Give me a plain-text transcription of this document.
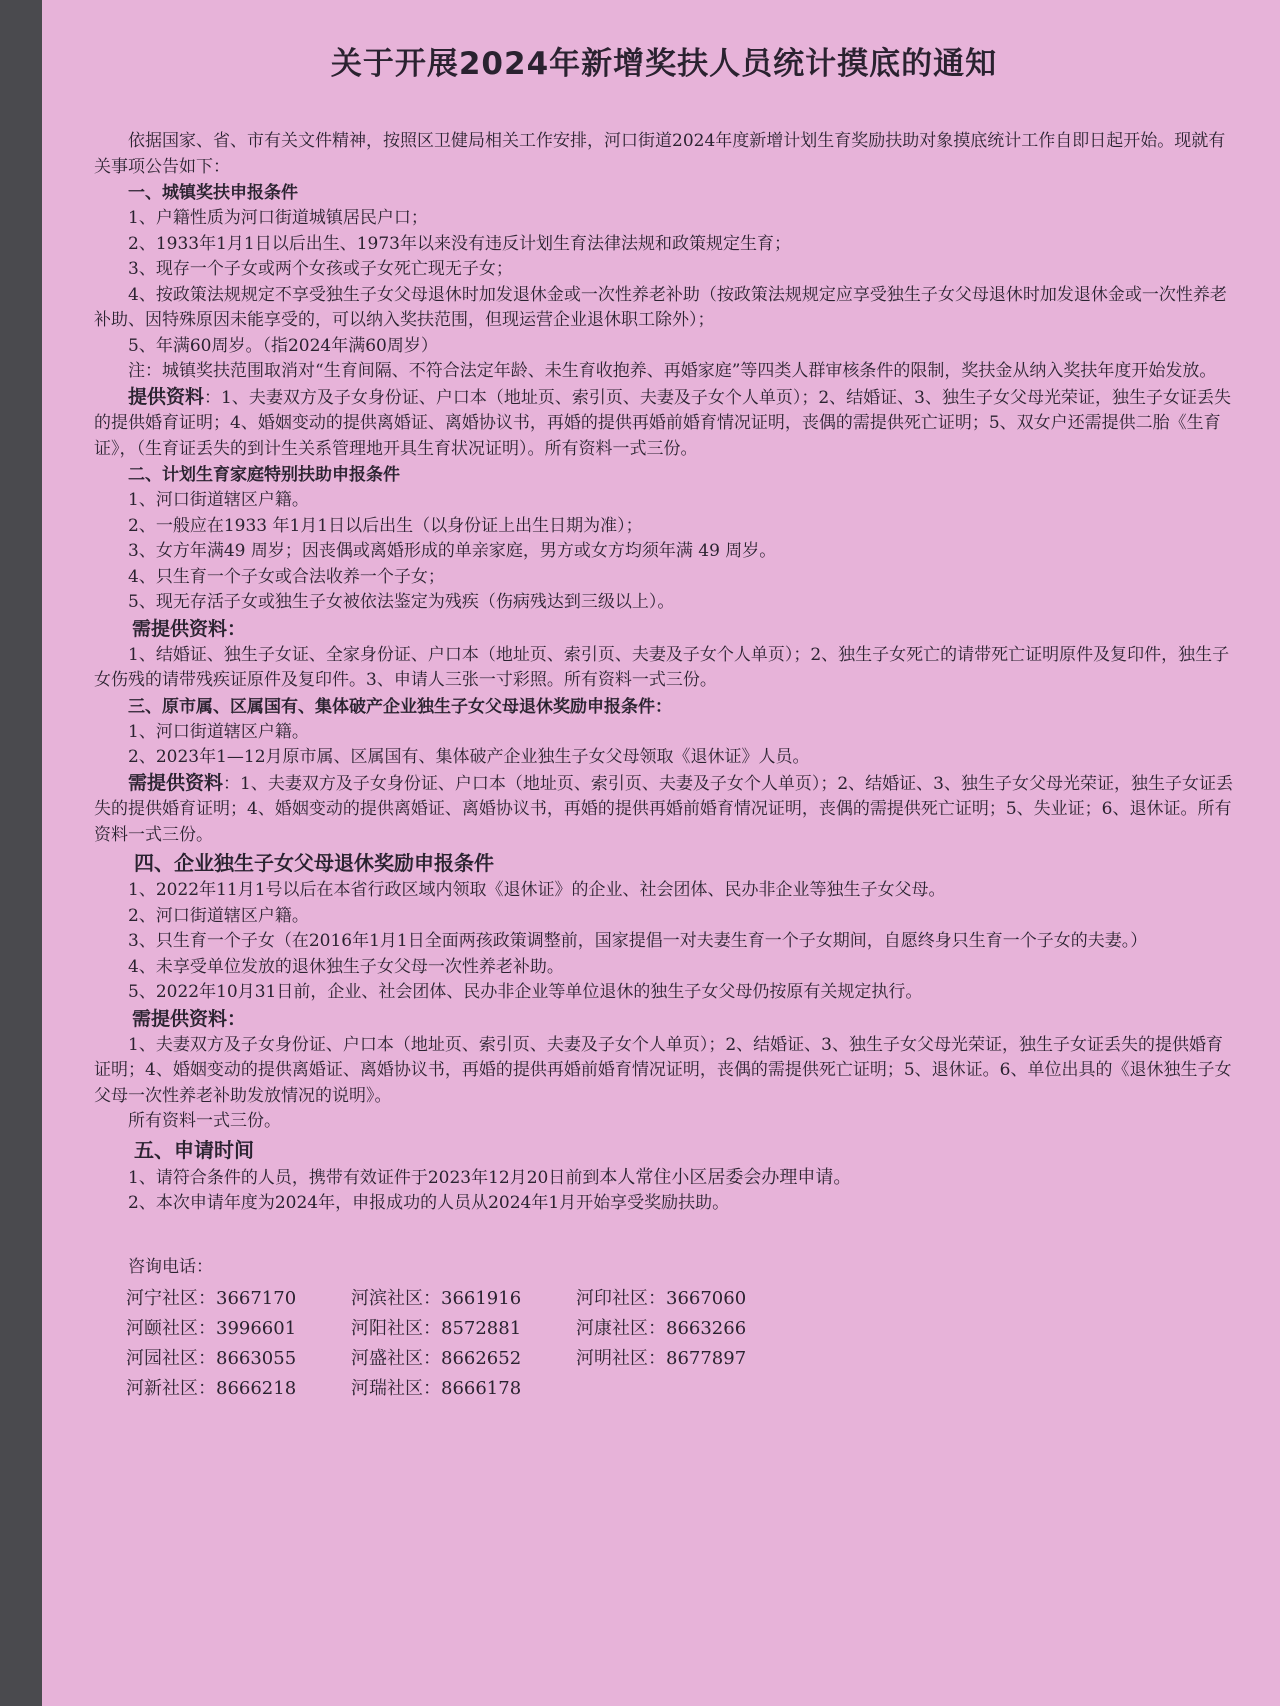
关于开展2024年新增奖扶人员统计摸底的通知

依据国家、省、市有关文件精神，按照区卫健局相关工作安排，河口街道2024年度新增计划生育奖励扶助对象摸底统计工作自即日起开始。现就有关事项公告如下：

一、城镇奖扶申报条件

1、户籍性质为河口街道城镇居民户口；

2、1933年1月1日以后出生、1973年以来没有违反计划生育法律法规和政策规定生育；

3、现存一个子女或两个女孩或子女死亡现无子女；

4、按政策法规规定不享受独生子女父母退休时加发退休金或一次性养老补助（按政策法规规定应享受独生子女父母退休时加发退休金或一次性养老补助、因特殊原因未能享受的，可以纳入奖扶范围，但现运营企业退休职工除外）；

5、年满60周岁。（指2024年满60周岁）

注：城镇奖扶范围取消对“生育间隔、不符合法定年龄、未生育收抱养、再婚家庭”等四类人群审核条件的限制，奖扶金从纳入奖扶年度开始发放。

提供资料：1、夫妻双方及子女身份证、户口本（地址页、索引页、夫妻及子女个人单页）；2、结婚证、3、独生子女父母光荣证，独生子女证丢失的提供婚育证明；4、婚姻变动的提供离婚证、离婚协议书，再婚的提供再婚前婚育情况证明，丧偶的需提供死亡证明；5、双女户还需提供二胎《生育证》，（生育证丢失的到计生关系管理地开具生育状况证明）。所有资料一式三份。

二、计划生育家庭特别扶助申报条件

1、河口街道辖区户籍。

2、一般应在1933 年1月1日以后出生（以身份证上出生日期为准）；

3、女方年满49 周岁；因丧偶或离婚形成的单亲家庭，男方或女方均须年满 49 周岁。

4、只生育一个子女或合法收养一个子女；

5、现无存活子女或独生子女被依法鉴定为残疾（伤病残达到三级以上）。

需提供资料：

1、结婚证、独生子女证、全家身份证、户口本（地址页、索引页、夫妻及子女个人单页）；2、独生子女死亡的请带死亡证明原件及复印件，独生子女伤残的请带残疾证原件及复印件。3、申请人三张一寸彩照。所有资料一式三份。

三、原市属、区属国有、集体破产企业独生子女父母退休奖励申报条件：

1、河口街道辖区户籍。

2、2023年1—12月原市属、区属国有、集体破产企业独生子女父母领取《退休证》人员。

需提供资料：1、夫妻双方及子女身份证、户口本（地址页、索引页、夫妻及子女个人单页）；2、结婚证、3、独生子女父母光荣证，独生子女证丢失的提供婚育证明；4、婚姻变动的提供离婚证、离婚协议书，再婚的提供再婚前婚育情况证明，丧偶的需提供死亡证明；5、失业证；6、退休证。所有资料一式三份。

四、企业独生子女父母退休奖励申报条件

1、2022年11月1号以后在本省行政区域内领取《退休证》的企业、社会团体、民办非企业等独生子女父母。

2、河口街道辖区户籍。

3、只生育一个子女（在2016年1月1日全面两孩政策调整前，国家提倡一对夫妻生育一个子女期间，自愿终身只生育一个子女的夫妻。）

4、未享受单位发放的退休独生子女父母一次性养老补助。

5、2022年10月31日前，企业、社会团体、民办非企业等单位退休的独生子女父母仍按原有关规定执行。

需提供资料：

1、夫妻双方及子女身份证、户口本（地址页、索引页、夫妻及子女个人单页）；2、结婚证、3、独生子女父母光荣证，独生子女证丢失的提供婚育证明；4、婚姻变动的提供离婚证、离婚协议书，再婚的提供再婚前婚育情况证明，丧偶的需提供死亡证明；5、退休证。6、单位出具的《退休独生子女父母一次性养老补助发放情况的说明》。

所有资料一式三份。

五、申请时间

1、请符合条件的人员，携带有效证件于2023年12月20日前到本人常住小区居委会办理申请。

2、本次申请年度为2024年，申报成功的人员从2024年1月开始享受奖励扶助。

咨询电话：

河宁社区：3667170	河滨社区：3661916	河印社区：3667060
河颐社区：3996601	河阳社区：8572881	河康社区：8663266
河园社区：8663055	河盛社区：8662652	河明社区：8677897
河新社区：8666218	河瑞社区：8666178
